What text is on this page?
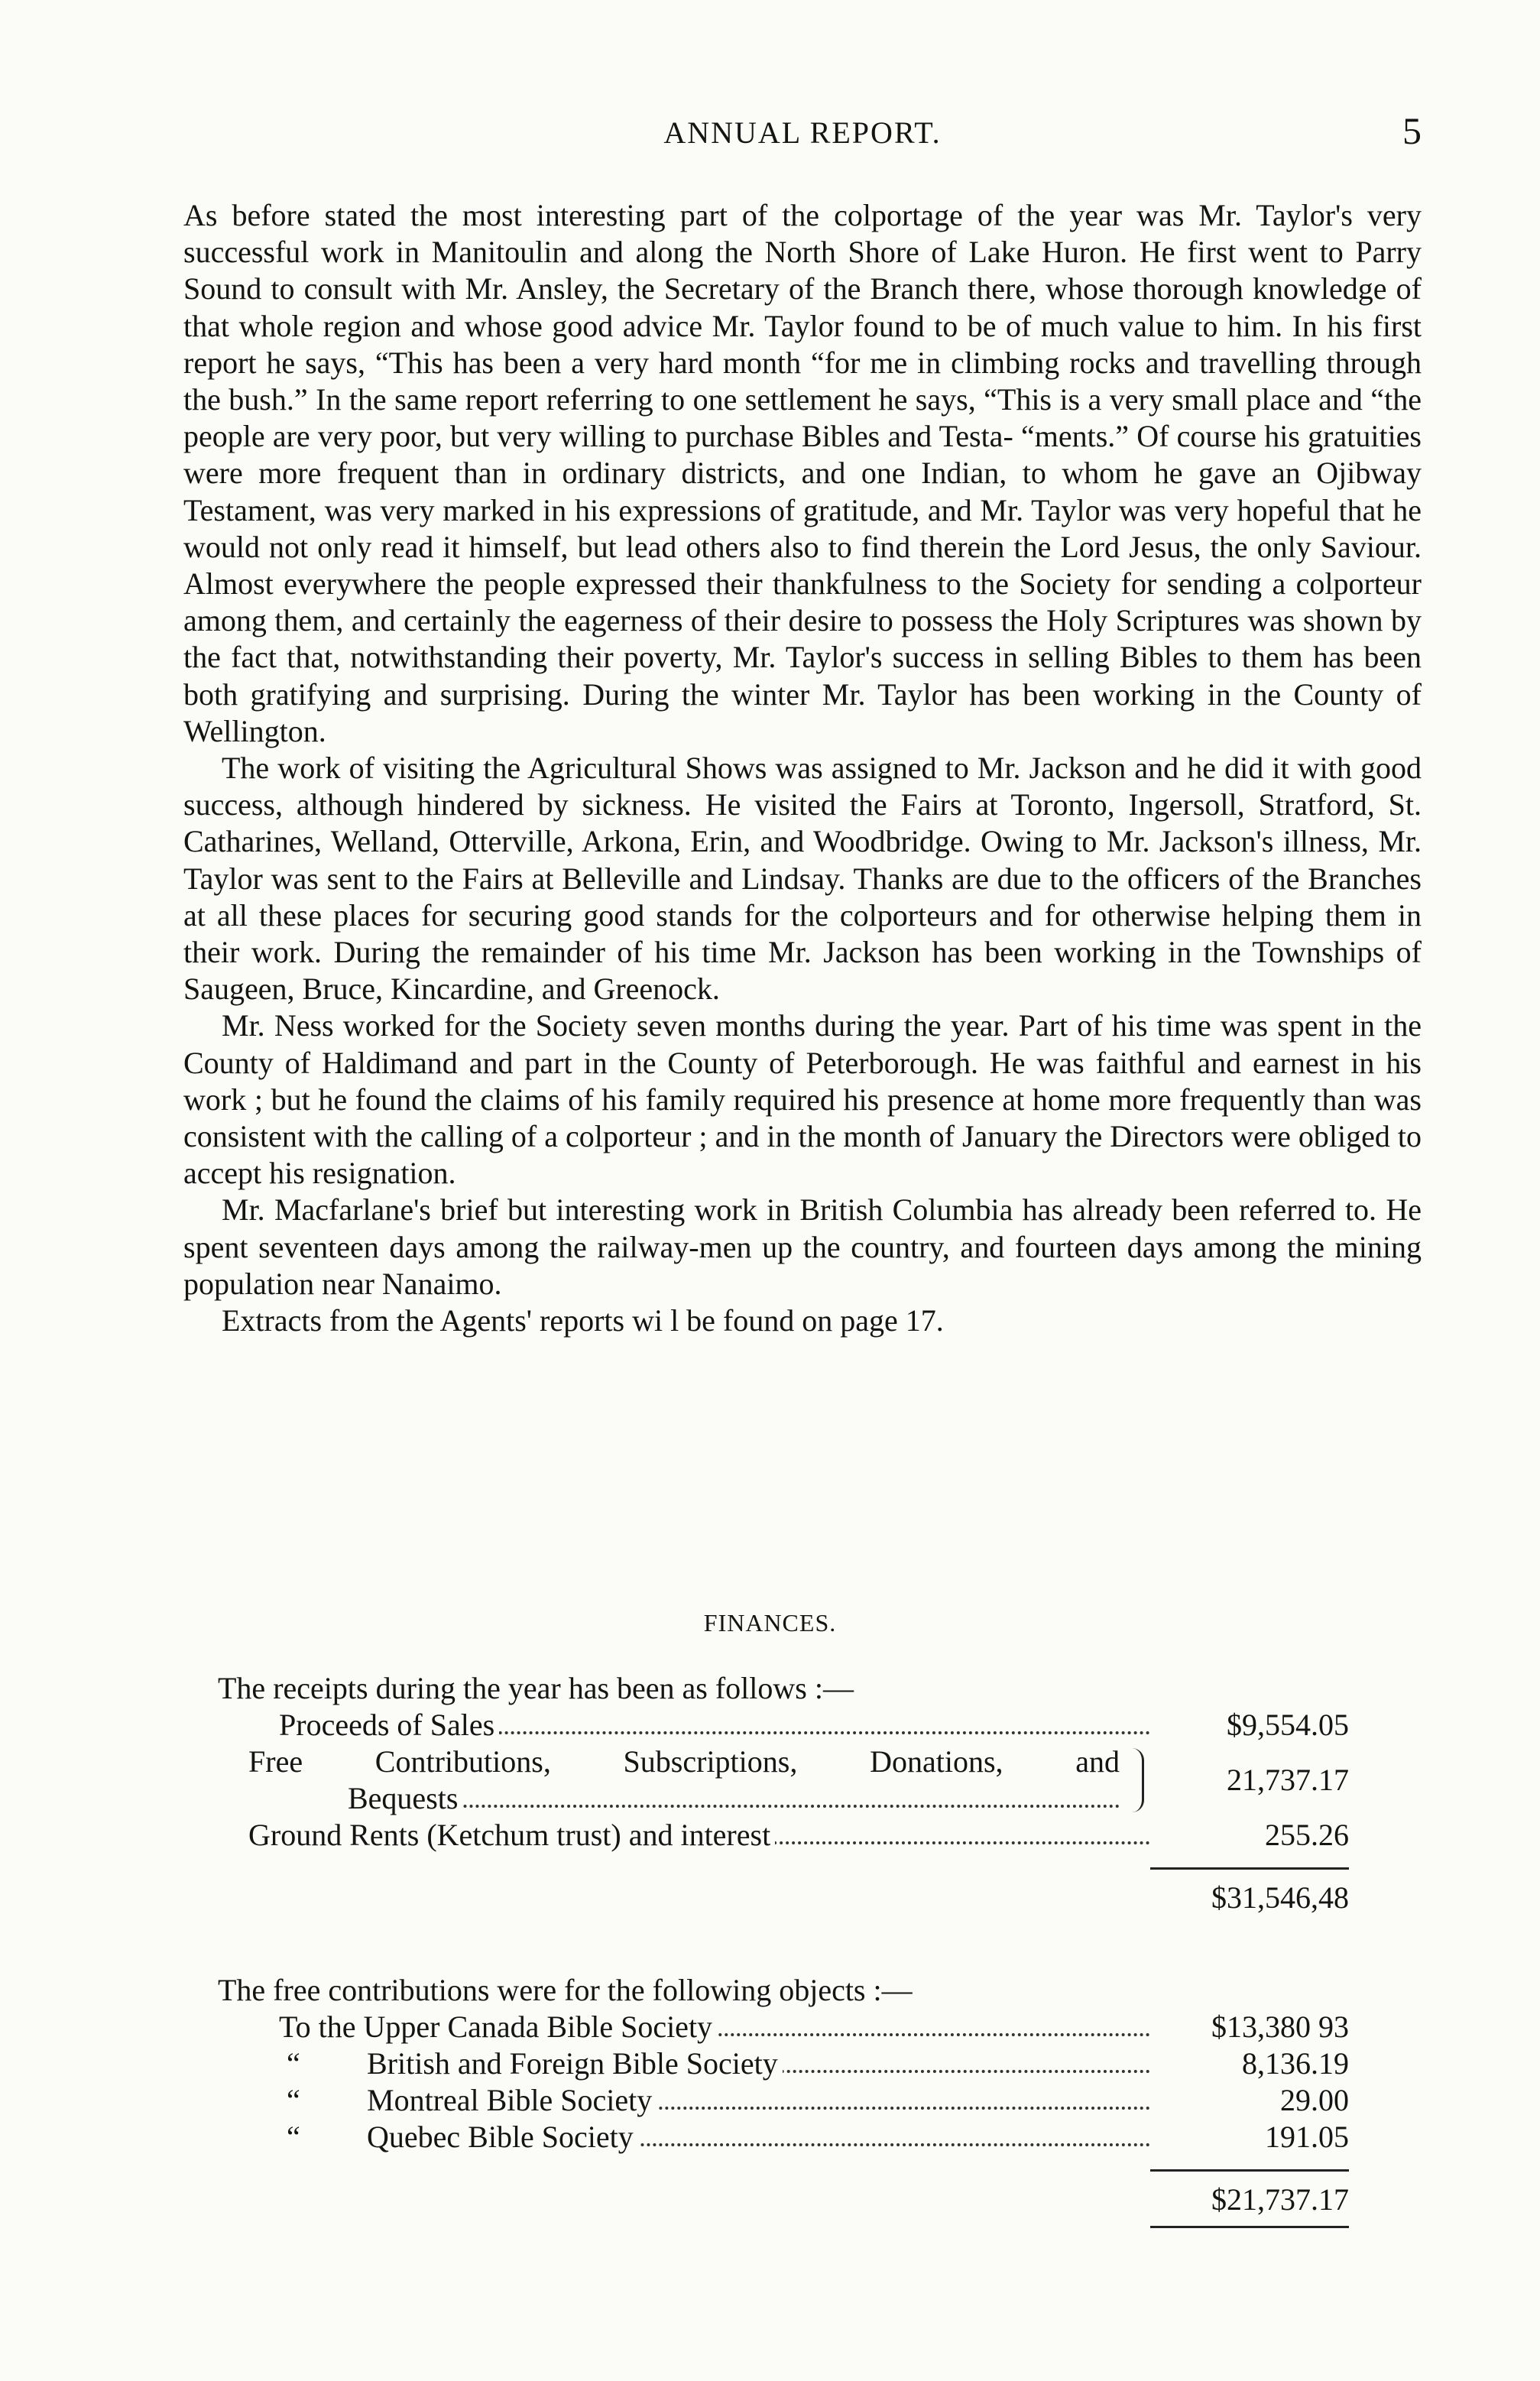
ANNUAL REPORT.	5

As before stated the most interesting part of the colportage of the year was Mr. Taylor's very successful work in Manitoulin and along the North Shore of Lake Huron. He first went to Parry Sound to consult with Mr. Ansley, the Secretary of the Branch there, whose thorough knowledge of that whole region and whose good advice Mr. Taylor found to be of much value to him. In his first report he says, “This has been a very hard month “for me in climbing rocks and travelling through the bush.” In the same report referring to one settlement he says, “This is a very small place and “the people are very poor, but very willing to purchase Bibles and Testa- “ments.” Of course his gratuities were more frequent than in ordinary districts, and one Indian, to whom he gave an Ojibway Testament, was very marked in his expressions of gratitude, and Mr. Taylor was very hopeful that he would not only read it himself, but lead others also to find therein the Lord Jesus, the only Saviour. Almost everywhere the people expressed their thankfulness to the Society for sending a colporteur among them, and certainly the eagerness of their desire to possess the Holy Scriptures was shown by the fact that, notwithstanding their poverty, Mr. Taylor's success in selling Bibles to them has been both gratifying and surprising. During the winter Mr. Taylor has been working in the County of Wellington.

The work of visiting the Agricultural Shows was assigned to Mr. Jackson and he did it with good success, although hindered by sickness. He visited the Fairs at Toronto, Ingersoll, Stratford, St. Catharines, Welland, Otterville, Arkona, Erin, and Woodbridge. Owing to Mr. Jackson's illness, Mr. Taylor was sent to the Fairs at Belleville and Lindsay. Thanks are due to the officers of the Branches at all these places for securing good stands for the colporteurs and for otherwise helping them in their work. During the remainder of his time Mr. Jackson has been working in the Townships of Saugeen, Bruce, Kincardine, and Greenock.

Mr. Ness worked for the Society seven months during the year. Part of his time was spent in the County of Haldimand and part in the County of Peterborough. He was faithful and earnest in his work ; but he found the claims of his family required his presence at home more frequently than was consistent with the calling of a colporteur ; and in the month of January the Directors were obliged to accept his resignation.

Mr. Macfarlane's brief but interesting work in British Columbia has already been referred to. He spent seventeen days among the railway-men up the country, and fourteen days among the mining population near Nanaimo.

Extracts from the Agents' reports wi l be found on page 17.

FINANCES.
The receipts during the year has been as follows :—
Proceeds of Sales	$9,554.05
Free Contributions, Subscriptions, Donations, and
Bequests
21,737.17
Ground Rents (Ketchum trust) and interest	255.26
$31,546,48
The free contributions were for the following objects :—
To the Upper Canada Bible Society	$13,380 93
“ British and Foreign Bible Society	8,136.19
“ Montreal Bible Society	29.00
“ Quebec Bible Society	191.05
$21,737.17
